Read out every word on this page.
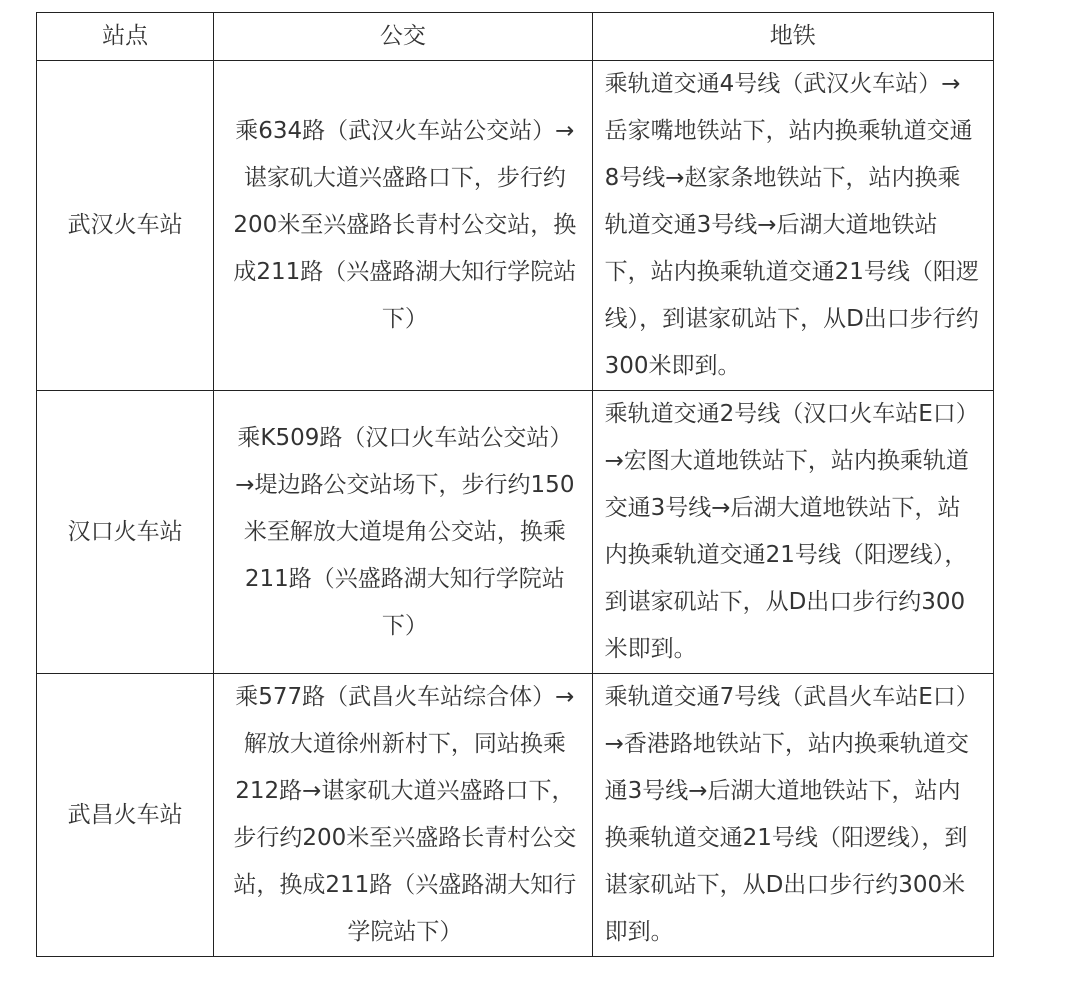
站点	公交	地铁

武汉火车站	乘634路（武汉火车站公交站）→ 谌家矶大道兴盛路口下，步行约200米至兴盛路长青村公交站，换成211路（兴盛路湖大知行学院站下）	乘轨道交通4号线（武汉火车站）→岳家嘴地铁站下，站内换乘轨道交通8号线→赵家条地铁站下，站内换乘轨道交通3号线→后湖大道地铁站下，站内换乘轨道交通21号线（阳逻线），到谌家矶站下，从D出口步行约300米即到。

汉口火车站	乘K509路（汉口火车站公交站）→堤边路公交站场下，步行约150米至解放大道堤角公交站，换乘211路（兴盛路湖大知行学院站下）	乘轨道交通2号线（汉口火车站E口）→宏图大道地铁站下，站内换乘轨道交通3号线→后湖大道地铁站下，站内换乘轨道交通21号线（阳逻线），到谌家矶站下，从D出口步行约300米即到。

武昌火车站	乘577路（武昌火车站综合体）→解放大道徐州新村下，同站换乘212路→谌家矶大道兴盛路口下，步行约200米至兴盛路长青村公交站，换成211路（兴盛路湖大知行学院站下）	乘轨道交通7号线（武昌火车站E口）→香港路地铁站下，站内换乘轨道交通3号线→后湖大道地铁站下，站内换乘轨道交通21号线（阳逻线），到谌家矶站下，从D出口步行约300米即到。
